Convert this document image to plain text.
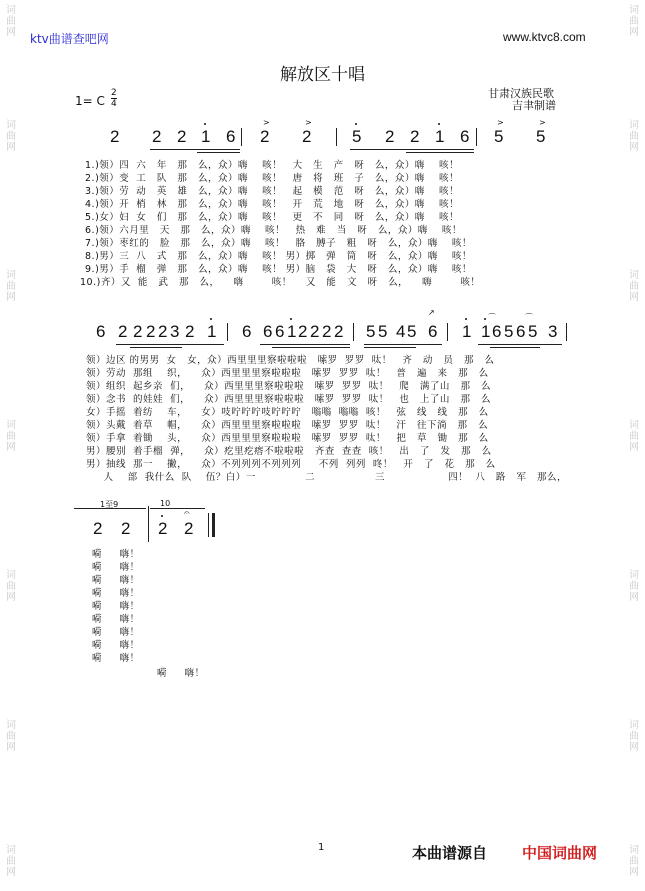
ktv曲谱查吧网	www.ktvc8.com
词
曲
网
词
曲
网
词
曲
网
词
曲
网
词
曲
网
词
曲
网
词
曲
网
词
曲
网
词
曲
网
词
曲
网
词
曲
网
词
曲
网
词
曲
网
词
曲
网
解放区十唱
甘肃汉族民歌
吉聿制谱
1= C $\frac{2}{4}$
2 2 2 1 6 2 2 5 2 2 1 6 5 5
>	>	>	>
1.)领）四  六   年   那   么，众）嗨    咳！   大   生   产   呀   么，众）嗨    咳！
2.)领）变  工   队   那   么，众）嗨    咳！   唐   将   班   子   么，众）嗨    咳！
3.)领）劳  动   英   雄   么，众）嗨    咳！   起   模   范   呀   么，众）嗨    咳！
4.)领）开  梢   林   那   么，众）嗨    咳！   开   荒   地   呀   么，众）嗨    咳！
5.)女）妇  女   们   那   么，众）嗨    咳！   更   不   同   呀   么，众）嗨    咳！
6.)领）六月里   天   那   么，众）嗨    咳！   热   难   当   呀   么，众）嗨    咳！
7.)领）枣红的   脸   那   么，众）嗨    咳！   胳   膊子   粗   呀   么，众）嗨    咳！
8.)男）三  八   式   那   么，众）嗨    咳！ 男）掷   弹   筒   呀   么，众）嗨    咳！
9.)男）手  榴   弹   那   么，众）嗨    咳！ 男）脑   袋   大   呀   么，众）嗨    咳！
10.)齐）又  能   武   那   么，    嗨        咳！    又   能   文   呀   么，    嗨        咳！
6 2 2 2 2 3 2 1 6 6 6 1 2 2 2 2 5 5 4 5 6 1 1 6 5 6 5 3
↗
⌒	⌒
领）边区 的男男  女   女，众）西里里里察啦啦啦   嗦罗  罗罗  呔！   齐   动   员   那   么
领）劳动  那组    织，    众）西里里里察啦啦啦   嗦罗  罗罗  呔！   普   遍   来   那   么
领）组织  起乡亲  们，    众）西里里里察啦啦啦   嗦罗  罗罗  呔！   爬   满了山   那   么
领）念书  的娃娃  们，    众）西里里里察啦啦啦   嗦罗  罗罗  呔！   也   上了山   那   么
女）手摇  着纺    车，    女）吱咛咛咛吱咛咛咛   嗡嗡  嗡嗡  咳！   弦   线   线   那   么
领）头戴  着草    帽，    众）西里里里察啦啦啦   嗦罗  罗罗  呔！   汗   往下淌   那   么
领）手拿  着锄    头，    众）西里里里察啦啦啦   嗦罗  罗罗  呔！   把   草   锄   那   么
男）腰别  着手榴  弹，    众）疙里疙瘩不啦啦啦   齐查  查查  咳！   出   了   发   那   么
男）抽线  那一    撇，    众）不列列列不列列列     不列  列列  咚！   开   了   花   那   么
人    部  我什么  队    伍？白）一              二                 三                  四！  八   路   军   那么，
1至9	10
2 2 2 2
𝄐
嗬     嗨！
嗬     嗨！
嗬     嗨！
嗬     嗨！
嗬     嗨！
嗬     嗨！
嗬     嗨！
嗬     嗨！
嗬     嗨！
嗬     嗨！
1	本曲谱源自 中国词曲网
